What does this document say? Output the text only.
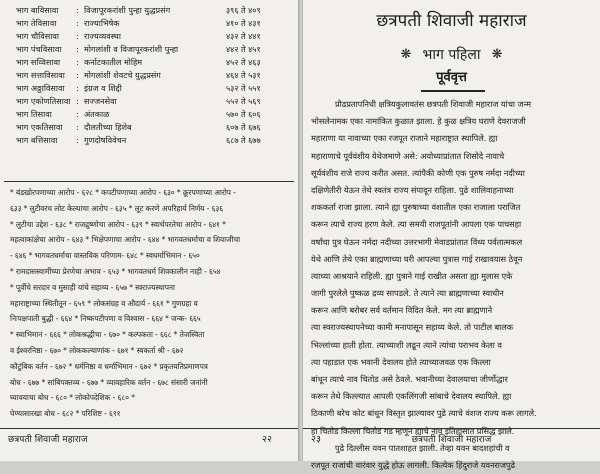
भाग बाविसावा	: विजापूरकरांशी पुन्हा युद्धप्रसंग	३९६ ते ४०९
भाग तेविसावा	: राज्याभिषेक	४१० ते ४३१
भाग चौविसावा	: राज्यव्यवस्था	४३२ ते ४४१
भाग पंचविसावा	: मोगलांशी व विजापूरकरांशी पुन्हा	४४२ ते ४५१
भाग सव्विसावा	: कर्नाटकातील मोहिम	४५२ ते ४६३
भाग सत्ताविसावा	: मोगलांशी शेवटचे युद्धप्रसंग	४६४ ते ५३१
भाग अठ्ठाविसावा	: इंग्रज व शिद्दी	५३२ ते ५५१
भाग एकोणतिसावा : सज्जनसेवा	५५२ ते ५६९
भाग तिसावा	: अंतकाळ	५७० ते ६०६
भाग एकतिसावा	: दौलतीच्या हिशेब	६०७ ते ६७६
भाग बत्तिसावा	: गुणदोषविवेचन	६८७ ते ६७७
* बंडखोरपणाच्या आरोप - ६२८ * कपटीपणाच्या आरोप - ६३० * क्रूरपणाच्या आरोप -
६३३ * लुटीवरच लोट केल्याचा आरोप - ६३५ * लूट करणे अपरिहार्य निर्णय - ६३६
* लुटीचा उद्देश - ६३८ * राजद्रुष्णोचा आरोप - ६३९ * स्वार्थपरतेचा आरोप - ६४१ *
महत्वाकांक्षेचा आरोप - ६४३ * भिक्षेपणाचा आरोप - ६४४ * भागवतधर्माचा व शिवाजीचा
- ६४६ * भागवतधर्माचा वास्तविक परिणाम- ६४८ * स्वधर्माभिमान - ६५०
* रामदासस्वामींच्या प्रेरणेचा अभाव - ६५३ * भागवतधर्म शिवकालीन नाही - ६५४
* पूर्वीचे सरदार व मुसाही यांचे सहाय्य - ६५७ * स्वराज्यस्थापना
महाराष्ट्राच्या स्थितीतून - ६५९ * लोकसंग्रह व औदार्य - ६६१ * गुणग्रहा व
निःपक्षपाती बुद्धी - ६६४ * निष्कपटीपणा व विश्वास - ६६४ * जन्क- ६६५
* स्वाभिमान - ६६६ * लोकश्रद्धीचा - ६७० * कल्पकता - ६६८ * तेजस्विता
व ईश्वरनिष्ठा - ६७० * लोककल्याणांक - ६७१ * स्वकर्ता श्री - ६७२
कौटुंबिक वर्तन - ६७२ * धर्मनिष्ठा व धर्माभिमान - ६७२ * प्रकृतयतिप्रमाणपत्र
बोध - ६७७ * सांबिपक्तव्य - ६७७ * व्यावहारिक वर्तन - ६७८ संसारी जनांनी
घ्यावयाचा बोध - ६८० * लोकोपदेशिक - ६८० *
घेण्यासारखा बोध - ६८२ * परिशिष्ट - ६९१
छत्रपती शिवाजी महाराज	२२
छत्रपती शिवाजी महाराज
❋ भाग पहिला ❋
पूर्ववृत्त
प्रौढप्रतापनिधी क्षत्रियकुलावतंस छत्रपती शिवाजी महाराज यांचा जन्म
भोसलेनामक एका नामांकित कुळात झाला. हे कुळ क्षत्रिय घराणे देवराजजी
महाराणा या नावाच्या एका रजपूत राजाने महाराष्ट्रात स्थापिले. ह्या
महाराणाचे पूर्ववंशीय येथेजमाणे असे: अयोध्याप्रांतात शिसोदे नावाचे
सूर्यवंशीय राजे राज्य करीत असत. त्यांपैकी कोणी एक पुरुष नर्मदा नदीच्या
दक्षिणेतीरी येऊन तेथे स्वतंत्र राज्य संपादून राहिला. पुढे शालिवाहनाच्या
शककर्ता राजा झाला. त्याने ह्या पुरुषाच्या वंशातील एका राजाला पराजित
करून त्याचे राज्य हरण केले. त्या समयी राजपूतांनी आपला एक पाचसहा
वर्षांचा पुत्र घेऊन नर्मदा नदीच्या उत्तरभागी मेवाडप्रांतात विंध्य पर्वतात्मकल
येथे आणि तेथे एका ब्राह्मणाच्या घरी आपल्या पुत्रास गाई राखावयास ठेवून
त्याच्या आश्रयाने राहिली. ह्या पुत्राने गाई राखीत असता ह्या मुलास एके
जागी पुरलेले पुष्कळ द्रव्य सापडले. ते त्याने त्या ब्राह्मणाच्या स्वाधीन
करून आणि बरोबर सर्व वर्तमान विदित केले. मग त्या ब्राह्मणाने
त्या स्वराज्यस्थापनेच्या कामी मनापासून सहाय्य केले. तो पाटील बालक
भिल्लांच्या हाती होता. त्याच्याशी लढून त्याने त्यांचा पराभव केला व
त्या पहाडात एक भवानी देवालय होते त्याच्याजवळ एक किल्ला
बांधून त्याचे नाव चितोड असे ठेवले. भवानीच्या देवालयाचा जीर्णोद्धार
करून तेथे किल्ल्यात आपली एकलिंगजी सांबाचे देवालय स्थापिले. ह्या
ठिकाणी बरेच कोट बांधून विस्तृत झाल्यावर पुढे त्याचे वंशज राज्य करू लागले.
हा चितोड किल्ला चितोड गड म्हणून ह्याचे नाव इतिहासात प्रसिद्ध झाले.
पुढे दिल्लीस यवन पातशाहत झाली. तेव्हा यवन बादशहांची व
रजपूत राजांची वारंवार युद्धे होऊ लागली. कित्येक हिंदुराजे यवनराजपुढे
छत्रपती शिवाजी महाराज
२३
